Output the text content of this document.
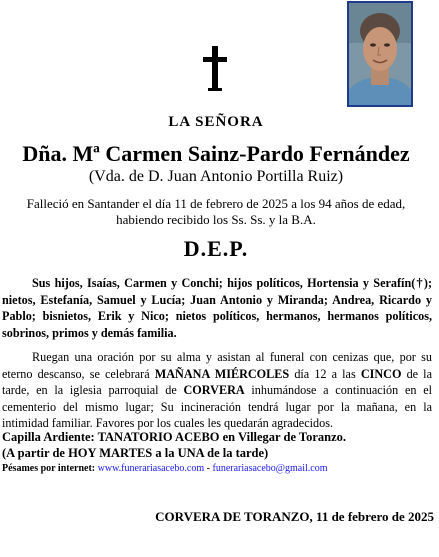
LA SEÑORA
Dña. Mª Carmen Sainz-Pardo Fernández
(Vda. de D. Juan Antonio Portilla Ruiz)
Falleció en Santander el día 11 de febrero de 2025 a los 94 años de edad,
habiendo recibido los Ss. Ss. y la B.A.
D.E.P.
Sus hijos, Isaías, Carmen y Conchi; hijos políticos, Hortensia y Serafín(†); nietos, Estefanía, Samuel y Lucía; Juan Antonio y Miranda; Andrea, Ricardo y Pablo; bisnietos, Erik y Nico; nietos políticos, hermanos, hermanos políticos, sobrinos, primos y demás familia.
Ruegan una oración por su alma y asistan al funeral con cenizas que, por su eterno descanso, se celebrará MAÑANA MIÉRCOLES día 12 a las CINCO de la tarde, en la iglesia parroquial de CORVERA inhumándose a continuación en el cementerio del mismo lugar; Su incineración tendrá lugar por la mañana, en la intimidad familiar. Favores por los cuales les quedarán agradecidos.
Capilla Ardiente: TANATORIO ACEBO en Villegar de Toranzo.
(A partir de HOY MARTES a la UNA de la tarde)
Pésames por internet: www.funerariasacebo.com - funerariasacebo@gmail.com
CORVERA DE TORANZO, 11 de febrero de 2025
